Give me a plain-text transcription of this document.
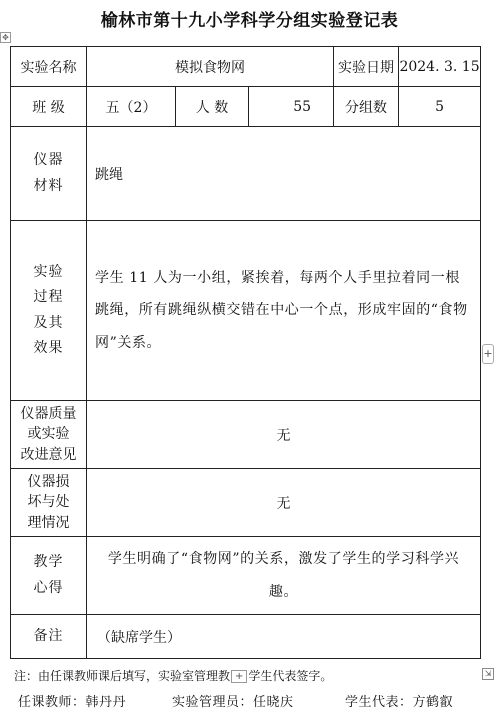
榆林市第十九小学科学分组实验登记表
✥
实验名称	模拟食物网			实验日期	2024. 3. 15
班 级	五（2）	人 数	55	分组数	5

仪器
材料	跳绳				

实验
过程
及其
效果	学生 11 人为一小组，紧挨着，每两个人手里拉着同一根跳绳，所有跳绳纵横交错在中心一个点，形成牢固的“食物网”关系。				

仪器质量
或实验
改进意见	无				

仪器损
坏与处
理情况	无				

教学
心得	学生明确了“食物网”的关系，激发了学生的学习科学兴趣。				

备注	（缺席学生）				
+
⇲
注：由任课教师课后填写，实验室管理教 + 学生代表签字。
任课教师：韩丹丹	实验管理员：任晓庆	学生代表：方鹤叡
